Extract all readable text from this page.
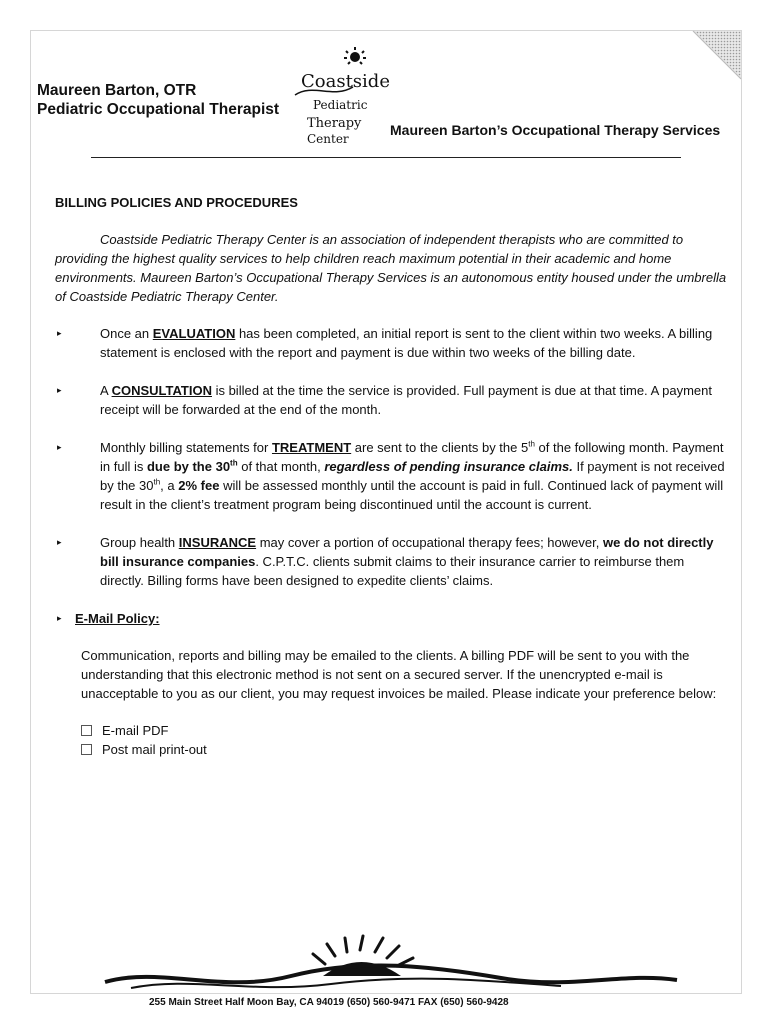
Maureen Barton, OTR
Pediatric Occupational Therapist
Coastside
Pediatric
Therapy
Center
Maureen Barton’s Occupational Therapy Services
BILLING POLICIES AND PROCEDURES

Coastside Pediatric Therapy Center is an association of independent therapists who are committed to providing the highest quality services to help children reach maximum potential in their academic and home environments. Maureen Barton’s Occupational Therapy Services is an autonomous entity housed under the umbrella of Coastside Pediatric Therapy Center.

▸	Once an EVALUATION has been completed, an initial report is sent to the client within two weeks. A billing statement is enclosed with the report and payment is due within two weeks of the billing date.
▸	A CONSULTATION is billed at the time the service is provided. Full payment is due at that time. A payment receipt will be forwarded at the end of the month.
▸	Monthly billing statements for TREATMENT are sent to the clients by the 5th of the following month. Payment in full is due by the 30th of that month, regardless of pending insurance claims. If payment is not received by the 30th, a 2% fee will be assessed monthly until the account is paid in full. Continued lack of payment will result in the client’s treatment program being discontinued until the account is current.
▸	Group health INSURANCE may cover a portion of occupational therapy fees; however, we do not directly bill insurance companies. C.P.T.C. clients submit claims to their insurance carrier to reimburse them directly. Billing forms have been designed to expedite clients’ claims.
▸ E-Mail Policy:

Communication, reports and billing may be emailed to the clients. A billing PDF will be sent to you with the understanding that this electronic method is not sent on a secured server. If the unencrypted e-mail is unacceptable to you as our client, you may request invoices be mailed. Please indicate your preference below:

E-mail PDF
Post mail print-out
255 Main Street Half Moon Bay, CA 94019 (650) 560-9471 FAX (650) 560-9428
